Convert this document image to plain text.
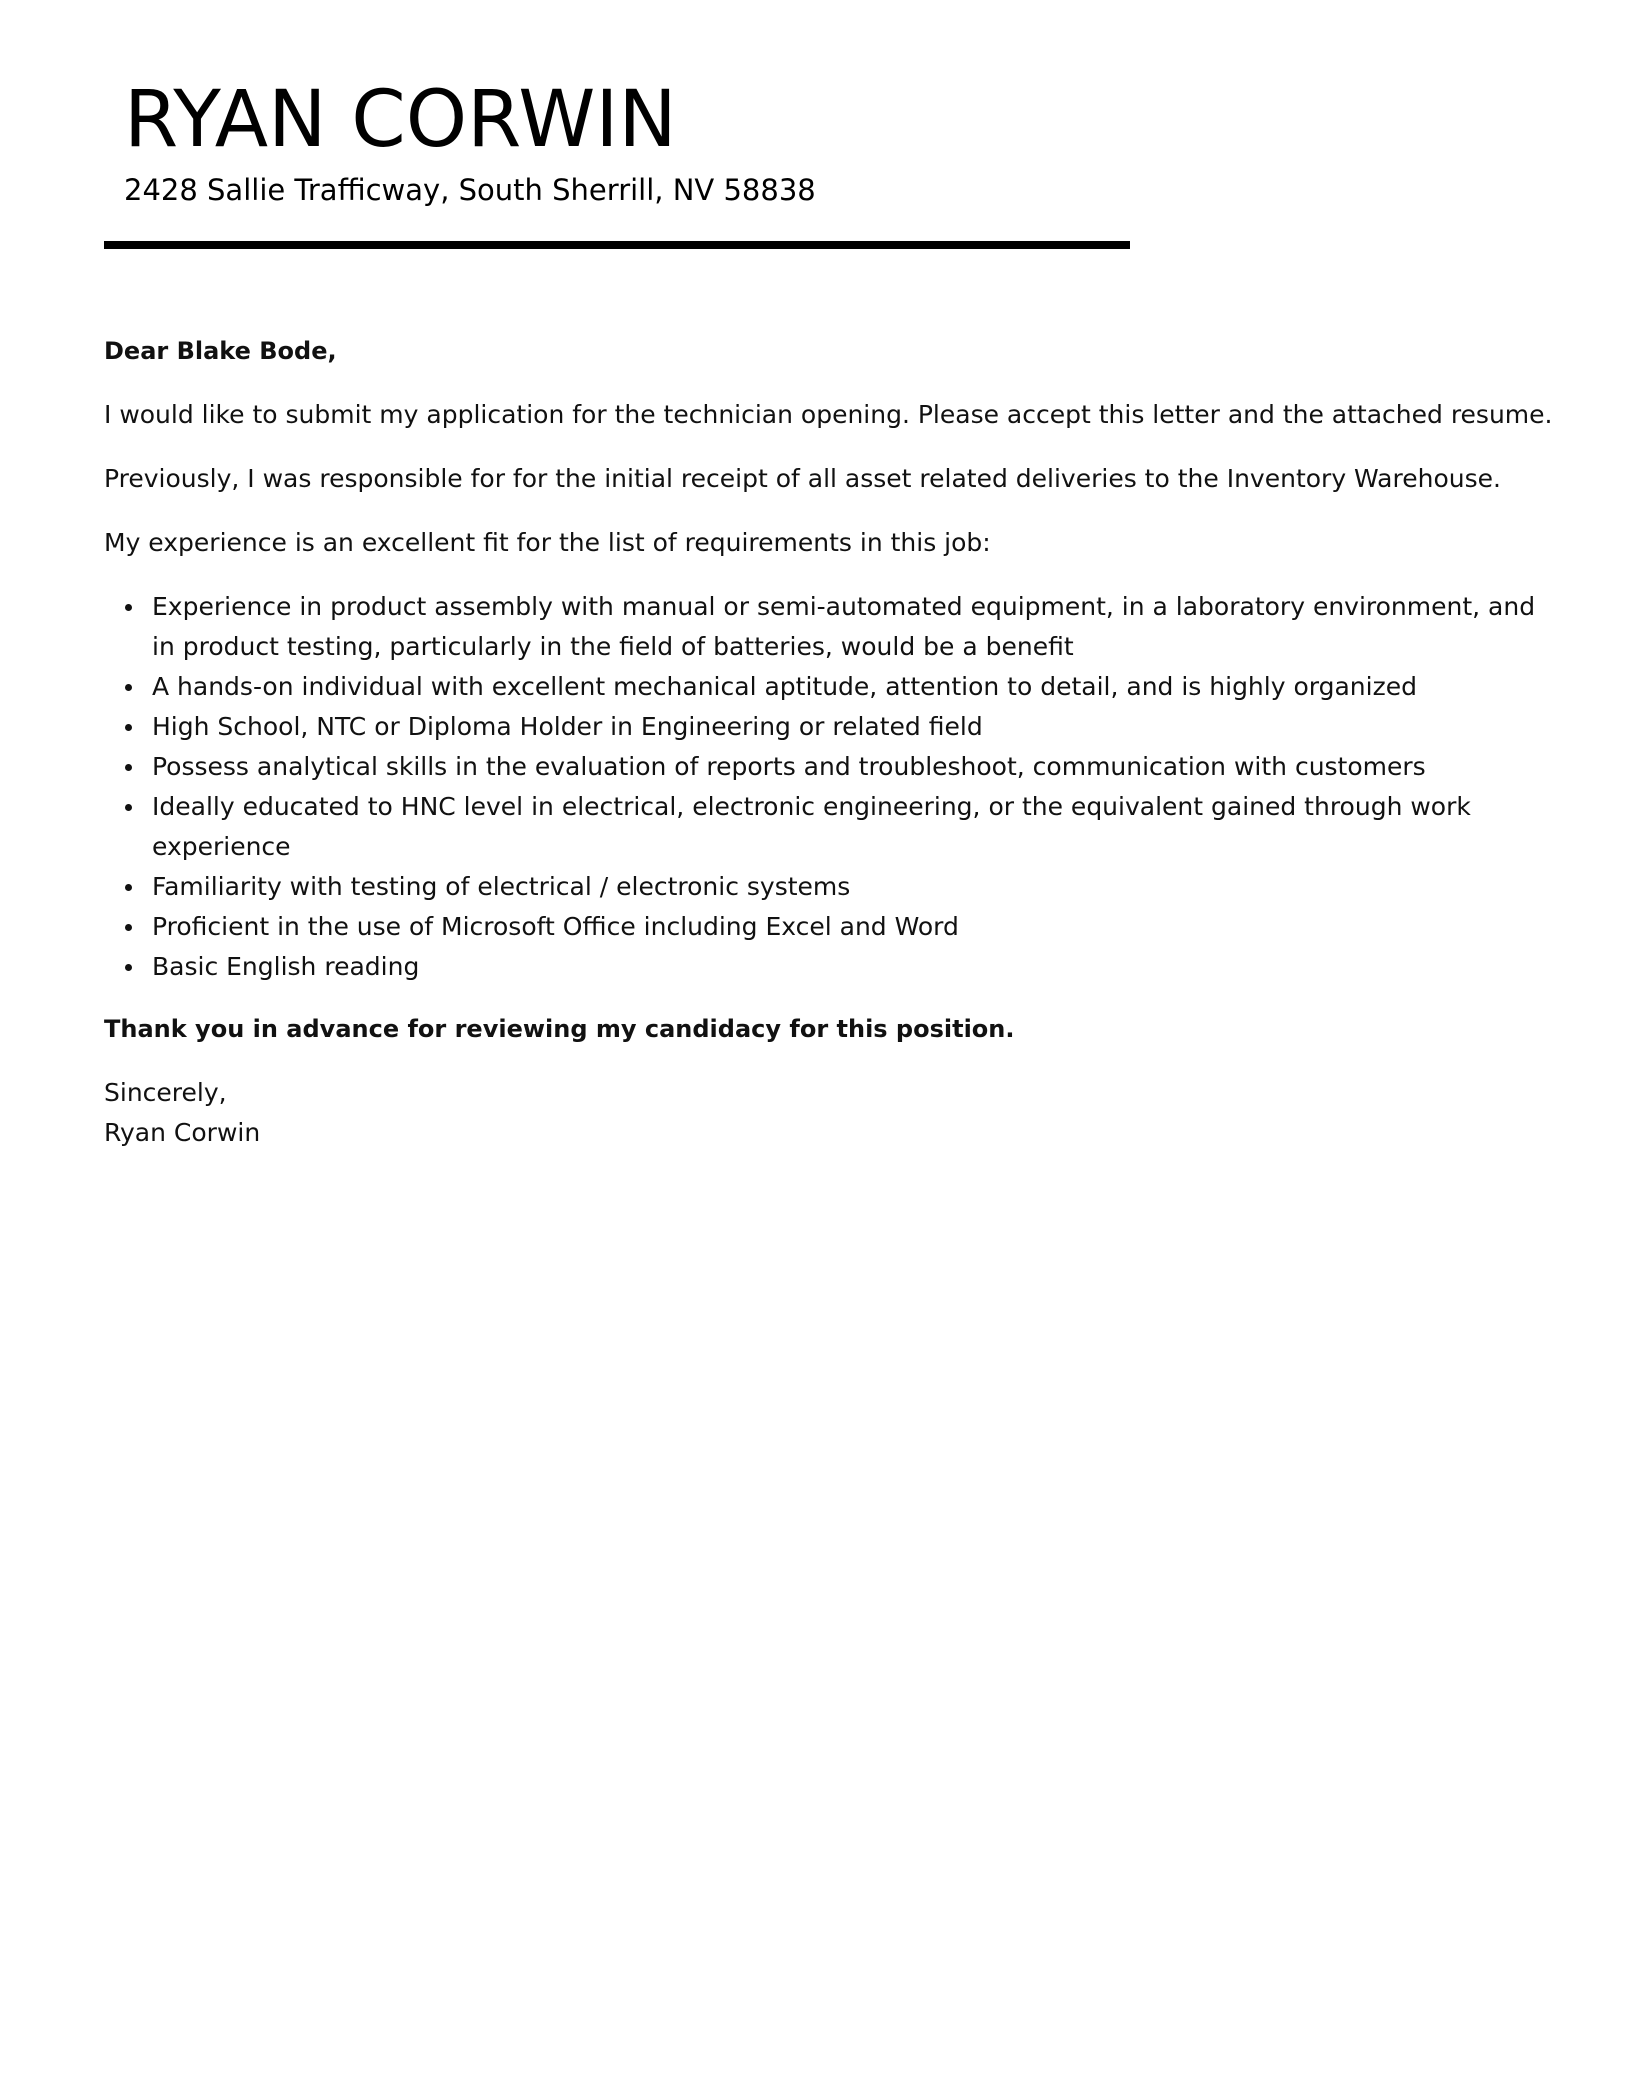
RYAN CORWIN
2428 Sallie Trafficway, South Sherrill, NV 58838

Dear Blake Bode,

I would like to submit my application for the technician opening. Please accept this letter and the attached resume.

Previously, I was responsible for for the initial receipt of all asset related deliveries to the Inventory Warehouse.

My experience is an excellent fit for the list of requirements in this job:

Experience in product assembly with manual or semi-automated equipment, in a laboratory environment, and in product testing, particularly in the field of batteries, would be a benefit
A hands-on individual with excellent mechanical aptitude, attention to detail, and is highly organized
High School, NTC or Diploma Holder in Engineering or related field
Possess analytical skills in the evaluation of reports and troubleshoot, communication with customers
Ideally educated to HNC level in electrical, electronic engineering, or the equivalent gained through work experience
Familiarity with testing of electrical / electronic systems
Proficient in the use of Microsoft Office including Excel and Word
Basic English reading

Thank you in advance for reviewing my candidacy for this position.

Sincerely,
Ryan Corwin
